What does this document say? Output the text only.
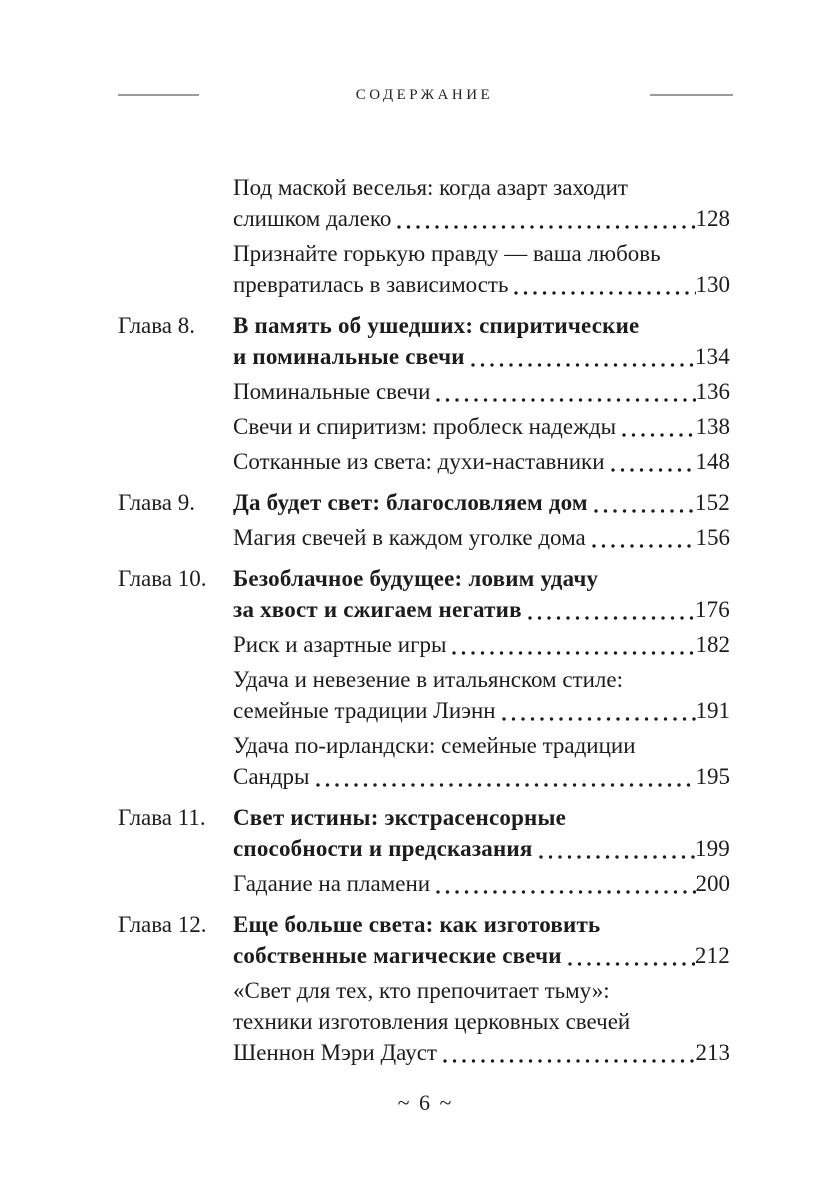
СОДЕРЖАНИЕ
Под маской веселья: когда азарт заходит
слишком далеко	128
Признайте горькую правду — ваша любовь
превратилась в зависимость	130
Глава 8. В память об ушедших: спиритические
и поминальные свечи	134
Поминальные свечи	136
Свечи и спиритизм: проблеск надежды	138
Сотканные из света: духи-наставники	148
Глава 9. Да будет свет: благословляем дом	152
Магия свечей в каждом уголке дома	156
Глава 10. Безоблачное будущее: ловим удачу
за хвост и сжигаем негатив	176
Риск и азартные игры	182
Удача и невезение в итальянском стиле:
семейные традиции Лиэнн	191
Удача по-ирландски: семейные традиции
Сандры	195
Глава 11. Свет истины: экстрасенсорные
способности и предсказания	199
Гадание на пламени	200
Глава 12. Еще больше света: как изготовить
собственные магические свечи	212
«Свет для тех, кто препочитает тьму»:
техники изготовления церковных свечей
Шеннон Мэри Дауст	213
~ 6 ~
